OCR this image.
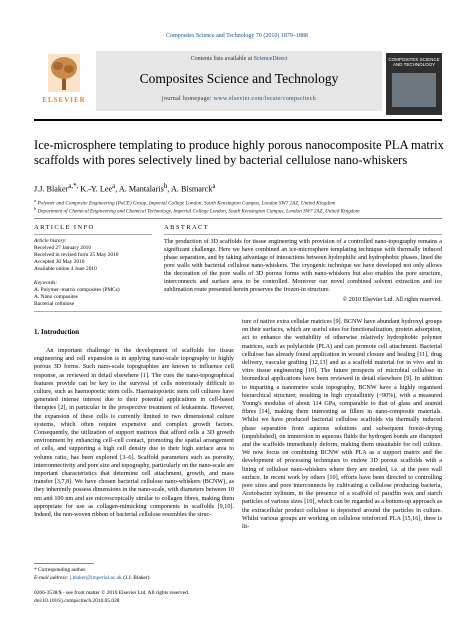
Composites Science and Technology 70 (2010) 1879–1888
ELSEVIER
Contents lists available at ScienceDirect
Composites Science and Technology
journal homepage: www.elsevier.com/locate/compscitech
COMPOSITES SCIENCE AND TECHNOLOGY
Ice-microsphere templating to produce highly porous nanocomposite PLA matrix scaffolds with pores selectively lined by bacterial cellulose nano-whiskers
J.J. Blaker$^{a,*,}$ K.-Y. Lee$^a$, A. Mantalaris$^b$, A. Bismarck$^a$
$^a$ Polymer and Composite Engineering (PaCE) Group, Imperial College London, South Kensington Campus, London SW7 2AZ, United Kingdom
$^b$ Department of Chemical Engineering and Chemical Technology, Imperial College London, South Kensington Campus, London SW7 2AZ, United Kingdom
ARTICLE INFO	ABSTRACT
Article history:
Received 27 January 2010
Received in revised form 25 May 2010
Accepted 30 May 2010
Available online 4 June 2010
Keywords:
A. Polymer–matrix composites (PMCs)
A. Nano composites
Bacterial cellulose
The production of 3D scaffolds for tissue engineering with provision of a controlled nano-topography remains a significant challenge. Here we have combined an ice-microsphere templating technique with thermally induced phase separation, and by taking advantage of interactions between hydrophilic and hydrophobic phases, lined the pore walls with bacterial cellulose nano-whiskers. The cryogenic technique we have developed not only allows the decoration of the pore walls of 3D porous forms with nano-whiskers but also enables the pore structure, interconnects and surface area to be controlled. Moreover our novel combined solvent extraction and ice sublimation route presented herein preserves the frozen-in structure.
© 2010 Elsevier Ltd. All rights reserved.
1. Introduction

An important challenge in the development of scaffolds for tissue engineering and cell expansion is in applying nano-scale topography to highly porous 3D forms. Such nano-scale topographies are known to influence cell response, as reviewed in detail elsewhere [1]. The cues the nano-topographical features provide can be key to the survival of cells notoriously difficult to culture, such as haemopoetic stem cells. Haematopoietic stem cell cultures have generated intense interest due to their potential applications in cell-based therapies [2], in particular in the prospective treatment of leukaemia. However, the expansion of these cells is currently limited to two dimensional culture systems, which often require expensive and complex growth factors. Consequently, the utilization of support matrices that afford cells a 3D growth environment by enhancing cell–cell contact, promoting the spatial arrangement of cells, and supporting a high cell density due to their high surface area to volume ratio, has been explored [3–6]. Scaffold parameters such as porosity, interconnectivity and pore size and topography, particularly on the nano-scale are important characteristics that determine cell attachment, growth, and mass transfer [3,7,8]. We have chosen bacterial cellulose nano-whiskers (BCNW), as they inherently possess dimensions in the nano-scale, with diameters between 10 nm and 100 nm and are microscopically similar to collagen fibres, making them appropriate for use as collagen-mimicking components in scaffolds [9,10]. Indeed, the non-woven ribbon of bacterial cellulose resembles the struc-

ture of native extra cellular matrices [9]. BCNW have abundant hydroxyl groups on their surfaces, which are useful sites for functionalization, protein adsorption, act to enhance the wettability of otherwise relatively hydrophobic polymer matrices, such as polylactide (PLA) and can promote cell attachment. Bacterial cellulose has already found application in wound closure and healing [11], drug delivery, vascular grafting [12,13] and as a scaffold material for in vivo and in vitro tissue engineering [10]. The future prospects of microbial cellulose in biomedical applications have been reviewed in detail elsewhere [9]. In addition to imparting a nanometre scale topography, BCNW have a highly organised hierarchical structure; resulting in high crystallinity (~90%), with a measured Young's modulus of about 114 GPa, comparable to that of glass and aramid fibres [14], making them interesting as fillers in nano-composite materials. Whilst we have produced bacterial cellulose scaffolds via thermally induced phase separation from aqueous solutions and subsequent freeze-drying (unpublished), on immersion in aqueous fluids the hydrogen bonds are disrupted and the scaffolds immediately deform, making them unsuitable for cell culture. We now focus on combining BCNW with PLA as a support matrix and the development of processing techniques to endow 3D porous scaffolds with a lining of cellulose nano-whiskers where they are needed, i.e. at the pore wall surface. In recent work by others [10], efforts have been directed to controlling pore sizes and pore interconnects by cultivating a cellulose producing bacteria, Acetobacter xylinum, in the presence of a scaffold of paraffin wax and starch particles of various sizes [10], which can be regarded as a bottom-up approach as the extracellular product cellulose is deposited around the particles in culture. Whilst various groups are working on cellulose reinforced PLA [15,16], there is lit-

* Corresponding author.
E-mail address: j.blaker@imperial.ac.uk (J.J. Blaker).
0266-3538/$ - see front matter © 2010 Elsevier Ltd. All rights reserved.
doi:10.1016/j.compscitech.2010.05.028
